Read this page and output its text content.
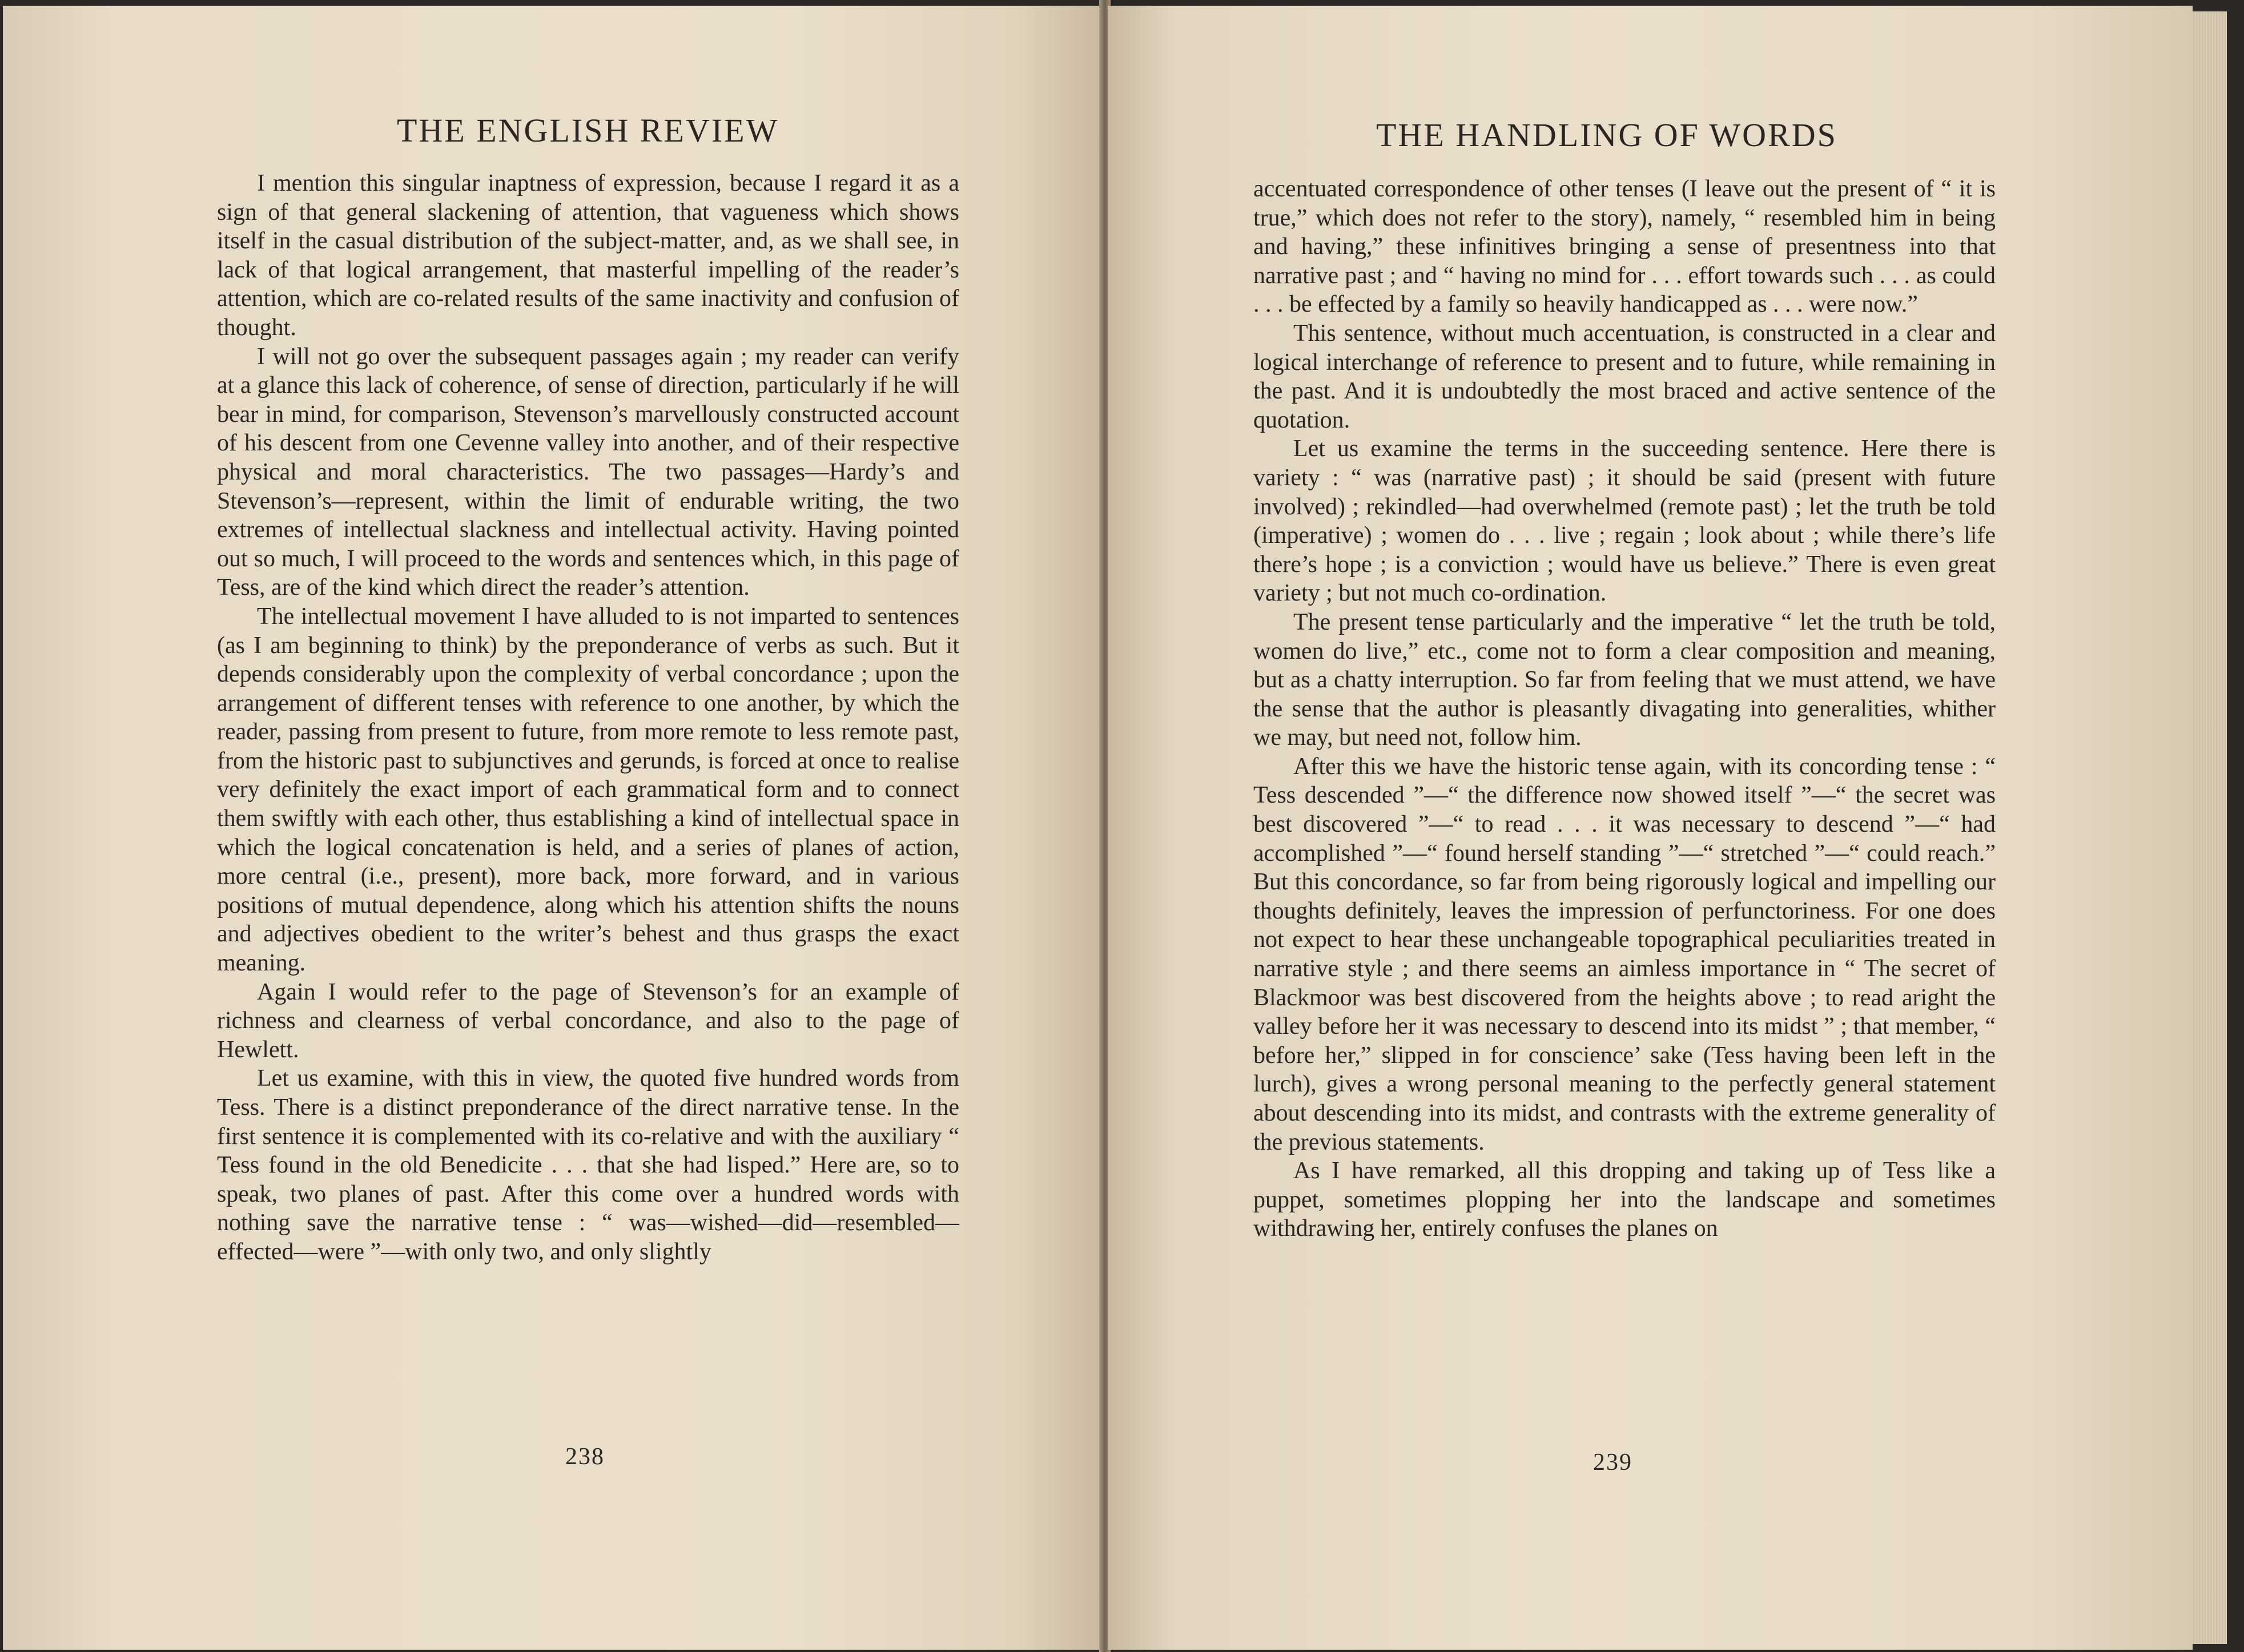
THE ENGLISH REVIEW

I mention this singular inaptness of expression, because I regard it as a sign of that general slackening of attention, that vagueness which shows itself in the casual distribution of the subject-matter, and, as we shall see, in lack of that logical arrangement, that masterful impelling of the reader’s attention, which are co-related results of the same inactivity and confusion of thought.

I will not go over the subsequent passages again ; my reader can verify at a glance this lack of coherence, of sense of direction, particularly if he will bear in mind, for comparison, Stevenson’s marvellously constructed account of his descent from one Cevenne valley into another, and of their respective physical and moral characteristics. The two passages—Hardy’s and Stevenson’s—represent, within the limit of endurable writing, the two extremes of intellectual slackness and intellectual activity. Having pointed out so much, I will proceed to the words and sentences which, in this page of Tess, are of the kind which direct the reader’s attention.

The intellectual movement I have alluded to is not imparted to sentences (as I am beginning to think) by the preponderance of verbs as such. But it depends considerably upon the complexity of verbal concordance ; upon the arrangement of different tenses with reference to one another, by which the reader, passing from present to future, from more remote to less remote past, from the historic past to subjunctives and gerunds, is forced at once to realise very definitely the exact import of each grammatical form and to connect them swiftly with each other, thus establishing a kind of intellectual space in which the logical concatenation is held, and a series of planes of action, more central (i.e., present), more back, more forward, and in various positions of mutual dependence, along which his attention shifts the nouns and adjectives obedient to the writer’s behest and thus grasps the exact meaning.

Again I would refer to the page of Stevenson’s for an example of richness and clearness of verbal concordance, and also to the page of Hewlett.

Let us examine, with this in view, the quoted five hundred words from Tess. There is a distinct preponderance of the direct narrative tense. In the first sentence it is complemented with its co-relative and with the auxiliary “ Tess found in the old Benedicite . . . that she had lisped.” Here are, so to speak, two planes of past. After this come over a hundred words with nothing save the narrative tense : “ was—wished—did—resembled—effected—were ”—with only two, and only slightly

238
THE HANDLING OF WORDS

accentuated correspondence of other tenses (I leave out the present of “ it is true,” which does not refer to the story), namely, “ resembled him in being and having,” these infinitives bringing a sense of presentness into that narrative past ; and “ having no mind for . . . effort towards such . . . as could . . . be effected by a family so heavily handicapped as . . . were now.”

This sentence, without much accentuation, is constructed in a clear and logical interchange of reference to present and to future, while remaining in the past. And it is undoubtedly the most braced and active sentence of the quotation.

Let us examine the terms in the succeeding sentence. Here there is variety : “ was (narrative past) ; it should be said (present with future involved) ; rekindled—had overwhelmed (remote past) ; let the truth be told (imperative) ; women do . . . live ; regain ; look about ; while there’s life there’s hope ; is a conviction ; would have us believe.” There is even great variety ; but not much co-ordination.

The present tense particularly and the imperative “ let the truth be told, women do live,” etc., come not to form a clear composition and meaning, but as a chatty interruption. So far from feeling that we must attend, we have the sense that the author is pleasantly divagating into generalities, whither we may, but need not, follow him.

After this we have the historic tense again, with its concording tense : “ Tess descended ”—“ the difference now showed itself ”—“ the secret was best discovered ”—“ to read . . . it was necessary to descend ”—“ had accomplished ”—“ found herself standing ”—“ stretched ”—“ could reach.” But this concordance, so far from being rigorously logical and impelling our thoughts definitely, leaves the impression of perfunctoriness. For one does not expect to hear these unchangeable topographical peculiarities treated in narrative style ; and there seems an aimless importance in “ The secret of Blackmoor was best discovered from the heights above ; to read aright the valley before her it was necessary to descend into its midst ” ; that member, “ before her,” slipped in for conscience’ sake (Tess having been left in the lurch), gives a wrong personal meaning to the perfectly general statement about descending into its midst, and contrasts with the extreme generality of the previous statements.

As I have remarked, all this dropping and taking up of Tess like a puppet, sometimes plopping her into the landscape and sometimes withdrawing her, entirely confuses the planes on

239
